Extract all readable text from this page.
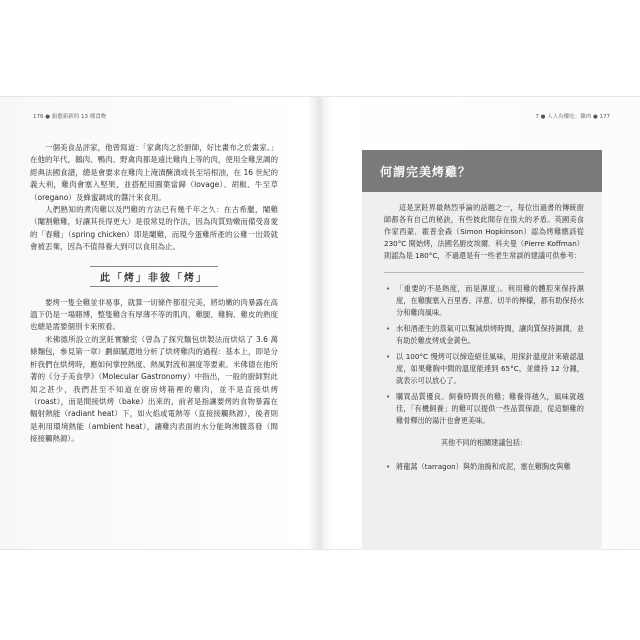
176 ● 廚藝新新的 13 種食物	7 ● 人人有權吃：雞肉 ● 177

一個美食品評家，他曾寫道：「家禽肉之於廚師，好比畫布之於畫家。」在他的年代，鵝肉、鴨肉、野禽肉都是遠比雞肉上等的肉，使用全雞烹調的經典法國食譜，總是會要求在雞肉上淹漬醃漬或長至培根油，在 16 世紀的義大利，雞肉會塞入堅果，並搭配用圓葉當歸（lovage）、胡椒、牛至草（oregano）及蜂蜜調成的醬汁來食用。

人們熟知的煮肉雞以及門雞的方法已有幾千年之久：在古希臘，閹雞（閹割雞雞，好讓其長得更大）是很常見的作法，因為肉質勁嫩而備受喜愛的「春雞」（spring chicken）即是閹雞，而現今蛋雞所產的公雞一出殼就會被丟棄，因為不值得養大到可以食用為止。

此「烤」非彼「烤」

要烤一隻全雞並非易事，就算一切條件都很完美，將幼嫩的肉暴露在高溫下仍是一場賭博，整隻雞含有厚薄不等的肌肉，雞腿、雞胸、雞皮的熟度也總是需要個別卡來照看。

米佛德所設立的烹飪實驗室（曾為了探究麵包烘製法而烘焙了 3.6 萬條麵包，參見第一章）劃細膩還地分析了烘烤雞肉的過程：基本上，即是分析我們在烘烤時，應如何掌控熱度、熱風對流和濕度等要素。米佛德在他所著的《分子美食學》（Molecular Gastronomy）中指出，一般的廚師對此知之甚少，我們甚至不知道在廚房烤箱裡的雞肉，並不是直接烘烤（roast），而是間接烘烤（bake）出來的，前者是指讓要烤的食物暴露在輻射熱能（radiant heat）下，如火焰或電熱等（直接接觸熱源），後者則是利用環境熱能（ambient heat），讓雞肉表面的水分能夠沸騰蒸發（間接接觸熱源）。

何謂完美烤雞？

這是烹飪界最熱烈爭論的話題之一，每位出過書的傳統廚師都各有自己的秘訣，有些彼此間存在很大的矛盾。英國美食作家西蒙．霍普金森（Simon Hopkinson）認為烤雞應該從 230°C 開始烤，法國名廚皮埃爾．科夫曼（Pierre Koffman）則認為是 180°C，不過還是有一些老生常談的建議可供參考：

• 「重要的不是熱度，而是濕度」。利用雞的體腔來保持濕度，在雞腹塞入百里香、洋蔥、切半的檸檬，都有助保持水分和雞肉風味。
• 水和酒產生的蒸氣可以幫減烘烤時間，讓肉質保持濕潤，並有助於雞皮烤成金黃色。
• 以 100°C 慢烤可以締造絕佳風味，用探針溫度計來確認溫度，如果雞胸中間的溫度能達到 65°C，並維持 12 分鐘，就表示可以放心了。
• 購買品質優良、飼養時間長的雞；雞養得越久，風味就越佳，「有機飼養」的雞可以提供一些品質保證，從這類雞的雞骨釋出的湯汁也會更美味。
其他不同的相關建議包括：
• 將龍蒿（tarragon）與奶油搗和成泥，塞在雞胸皮與雞
